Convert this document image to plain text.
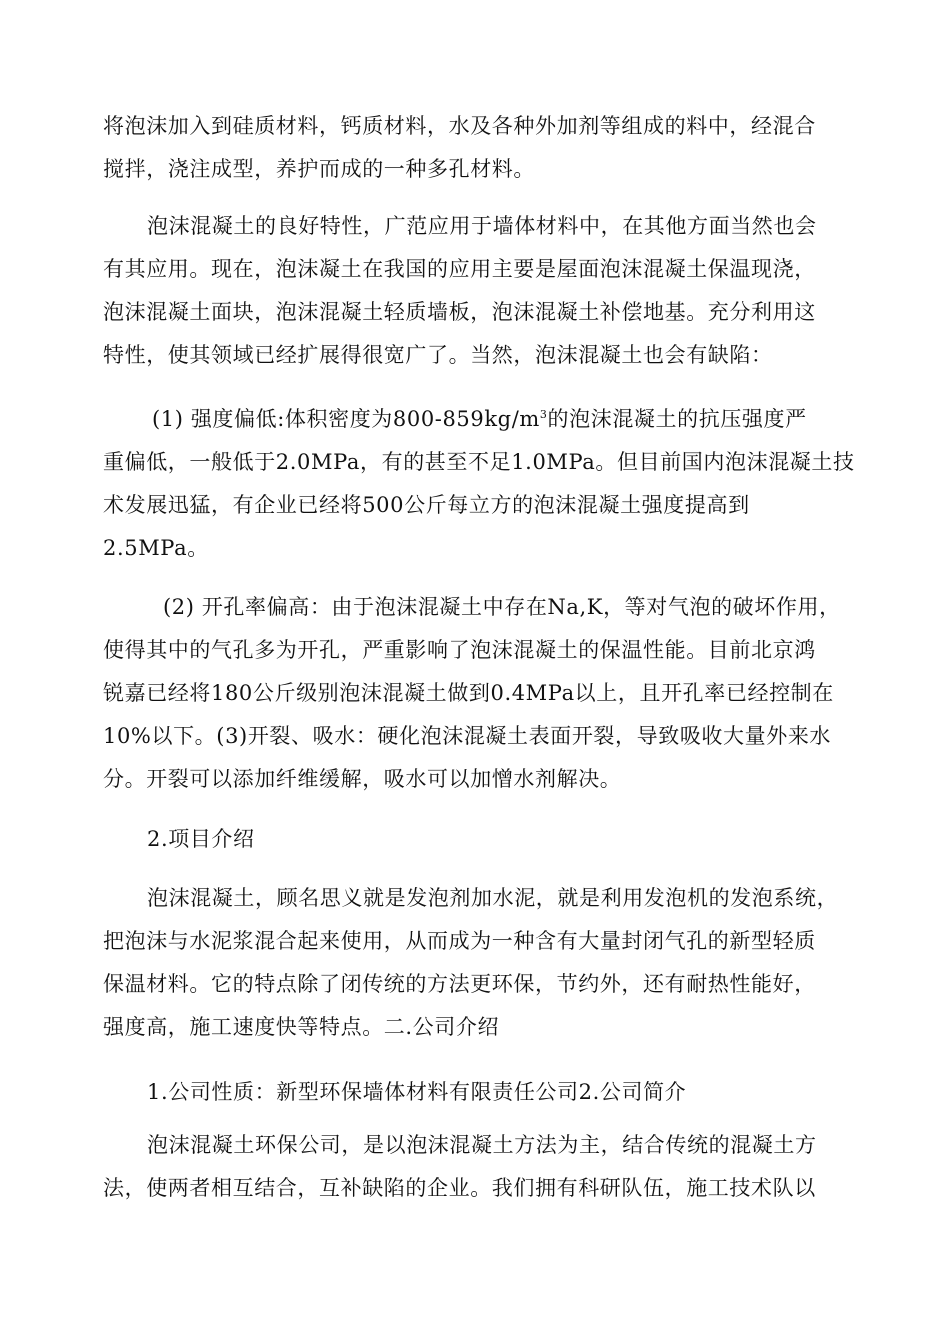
将泡沫加入到硅质材料，钙质材料，水及各种外加剂等组成的料中，经混合
搅拌，浇注成型，养护而成的一种多孔材料。
泡沫混凝土的良好特性，广范应用于墙体材料中，在其他方面当然也会
有其应用。现在，泡沫凝土在我国的应用主要是屋面泡沫混凝土保温现浇，
泡沫混凝土面块，泡沫混凝土轻质墙板，泡沫混凝土补偿地基。充分利用这
特性，使其领域已经扩展得很宽广了。当然，泡沫混凝土也会有缺陷：
(1) 强度偏低:体积密度为$800-859kg/m^3$的泡沫混凝土的抗压强度严
重偏低，一般低于2.0MPa，有的甚至不足1.0MPa。但目前国内泡沫混凝土技
术发展迅猛，有企业已经将500公斤每立方的泡沫混凝土强度提高到
2.5MPa。
(2) 开孔率偏高：由于泡沫混凝土中存在Na,K，等对气泡的破坏作用，
使得其中的气孔多为开孔，严重影响了泡沫混凝土的保温性能。目前北京鸿
锐嘉已经将180公斤级别泡沫混凝土做到0.4MPa以上，且开孔率已经控制在
10%以下。(3)开裂、吸水：硬化泡沫混凝土表面开裂，导致吸收大量外来水
分。开裂可以添加纤维缓解，吸水可以加憎水剂解决。
2.项目介绍
泡沫混凝土，顾名思义就是发泡剂加水泥，就是利用发泡机的发泡系统，
把泡沫与水泥浆混合起来使用，从而成为一种含有大量封闭气孔的新型轻质
保温材料。它的特点除了闭传统的方法更环保，节约外，还有耐热性能好，
强度高，施工速度快等特点。二.公司介绍
1.公司性质：新型环保墙体材料有限责任公司2.公司简介
泡沫混凝土环保公司，是以泡沫混凝土方法为主，结合传统的混凝土方
法，使两者相互结合，互补缺陷的企业。我们拥有科研队伍，施工技术队以
